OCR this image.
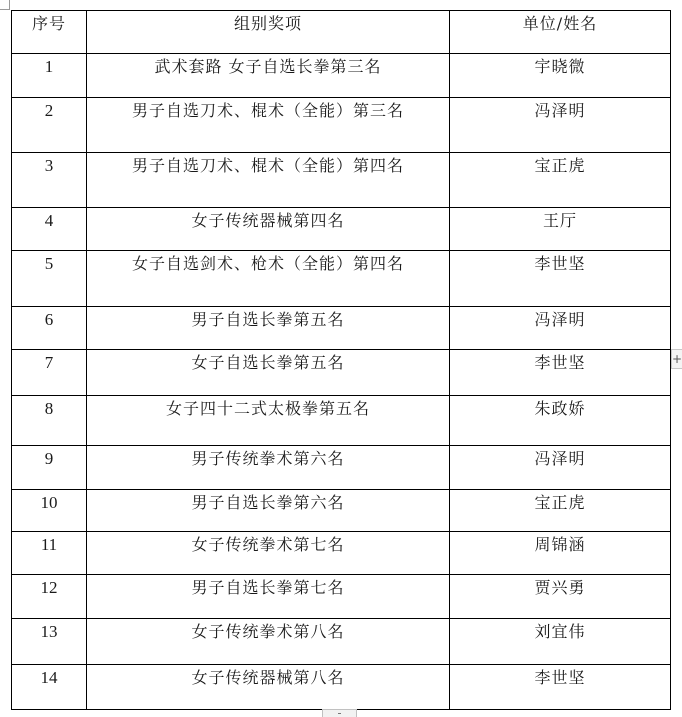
序号	组别奖项	单位/姓名
1	武术套路 女子自选长拳第三名	宇晓微
2	男子自选刀术、棍术（全能）第三名	冯泽明
3	男子自选刀术、棍术（全能）第四名	宝正虎
4	女子传统器械第四名	王厅
5	女子自选剑术、枪术（全能）第四名	李世坚
6	男子自选长拳第五名	冯泽明
7	女子自选长拳第五名	李世坚
8	女子四十二式太极拳第五名	朱政娇
9	男子传统拳术第六名	冯泽明
10	男子自选长拳第六名	宝正虎
11	女子传统拳术第七名	周锦涵
12	男子自选长拳第七名	贾兴勇
13	女子传统拳术第八名	刘宜伟
14	女子传统器械第八名	李世坚
+
